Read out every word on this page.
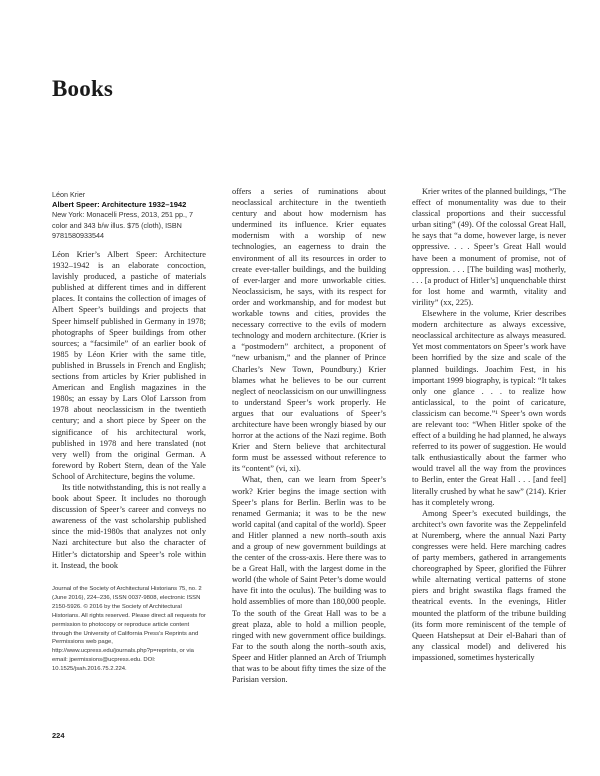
Books
Léon Krier
Albert Speer: Architecture 1932–1942
New York: Monacelli Press, 2013, 251 pp., 7 color and 343 b/w illus. $75 (cloth), ISBN 9781580933544

Léon Krier’s Albert Speer: Architecture 1932–1942 is an elaborate concoction, lavishly produced, a pastiche of materials published at different times and in different places. It contains the collection of images of Albert Speer’s buildings and projects that Speer himself published in Germany in 1978; photographs of Speer buildings from other sources; a “facsimile” of an earlier book of 1985 by Léon Krier with the same title, published in Brussels in French and English; sections from articles by Krier published in American and English magazines in the 1980s; an essay by Lars Olof Larsson from 1978 about neoclassicism in the twentieth century; and a short piece by Speer on the significance of his architectural work, published in 1978 and here translated (not very well) from the original German. A foreword by Robert Stern, dean of the Yale School of Architecture, begins the volume.

Its title notwithstanding, this is not really a book about Speer. It includes no thorough discussion of Speer’s career and conveys no awareness of the vast scholarship published since the mid-1980s that analyzes not only Nazi architecture but also the character of Hitler’s dictatorship and Speer’s role within it. Instead, the book

offers a series of ruminations about neoclassical architecture in the twentieth century and about how modernism has undermined its influence. Krier equates modernism with a worship of new technologies, an eagerness to drain the environment of all its resources in order to create ever-taller buildings, and the building of ever-larger and more unworkable cities. Neoclassicism, he says, with its respect for order and workmanship, and for modest but workable towns and cities, provides the necessary corrective to the evils of modern technology and modern architecture. (Krier is a “postmodern” architect, a proponent of “new urbanism,” and the planner of Prince Charles’s New Town, Poundbury.) Krier blames what he believes to be our current neglect of neoclassicism on our unwillingness to understand Speer’s work properly. He argues that our evaluations of Speer’s architecture have been wrongly biased by our horror at the actions of the Nazi regime. Both Krier and Stern believe that architectural form must be assessed without reference to its “content” (vi, xi).

What, then, can we learn from Speer’s work? Krier begins the image section with Speer’s plans for Berlin. Berlin was to be renamed Germania; it was to be the new world capital (and capital of the world). Speer and Hitler planned a new north–south axis and a group of new government buildings at the center of the cross-axis. Here there was to be a Great Hall, with the largest dome in the world (the whole of Saint Peter’s dome would have fit into the oculus). The building was to hold assemblies of more than 180,000 people. To the south of the Great Hall was to be a great plaza, able to hold a million people, ringed with new government office buildings. Far to the south along the north–south axis, Speer and Hitler planned an Arch of Triumph that was to be about fifty times the size of the Parisian version.

Krier writes of the planned buildings, “The effect of monumentality was due to their classical proportions and their successful urban siting” (49). Of the colossal Great Hall, he says that “a dome, however large, is never oppressive. . . . Speer’s Great Hall would have been a monument of promise, not of oppression. . . . [The building was] motherly, . . . [a product of Hitler’s] unquenchable thirst for lost home and warmth, vitality and virility” (xx, 225).

Elsewhere in the volume, Krier describes modern architecture as always excessive, neoclassical architecture as always measured. Yet most commentators on Speer’s work have been horrified by the size and scale of the planned buildings. Joachim Fest, in his important 1999 biography, is typical: “It takes only one glance . . . to realize how anticlassical, to the point of caricature, classicism can become.”¹ Speer’s own words are relevant too: “When Hitler spoke of the effect of a building he had planned, he always referred to its power of suggestion. He would talk enthusiastically about the farmer who would travel all the way from the provinces to Berlin, enter the Great Hall . . . [and feel] literally crushed by what he saw” (214). Krier has it completely wrong.

Among Speer’s executed buildings, the architect’s own favorite was the Zeppelinfeld at Nuremberg, where the annual Nazi Party congresses were held. Here marching cadres of party members, gathered in arrangements choreographed by Speer, glorified the Führer while alternating vertical patterns of stone piers and bright swastika flags framed the theatrical events. In the evenings, Hitler mounted the platform of the tribune building (its form more reminiscent of the temple of Queen Hatshepsut at Deir el-Bahari than of any classical model) and delivered his impassioned, sometimes hysterically

Journal of the Society of Architectural Historians 75, no. 2 (June 2016), 224–236, ISSN 0037-9808, electronic ISSN 2150-5926. © 2016 by the Society of Architectural Historians. All rights reserved. Please direct all requests for permission to photocopy or reproduce article content through the University of California Press’s Reprints and Permissions web page, http://www.ucpress.edu/journals.php?p=reprints, or via email: jpermissions@ucpress.edu. DOI: 10.1525/jsah.2016.75.2.224.

224
